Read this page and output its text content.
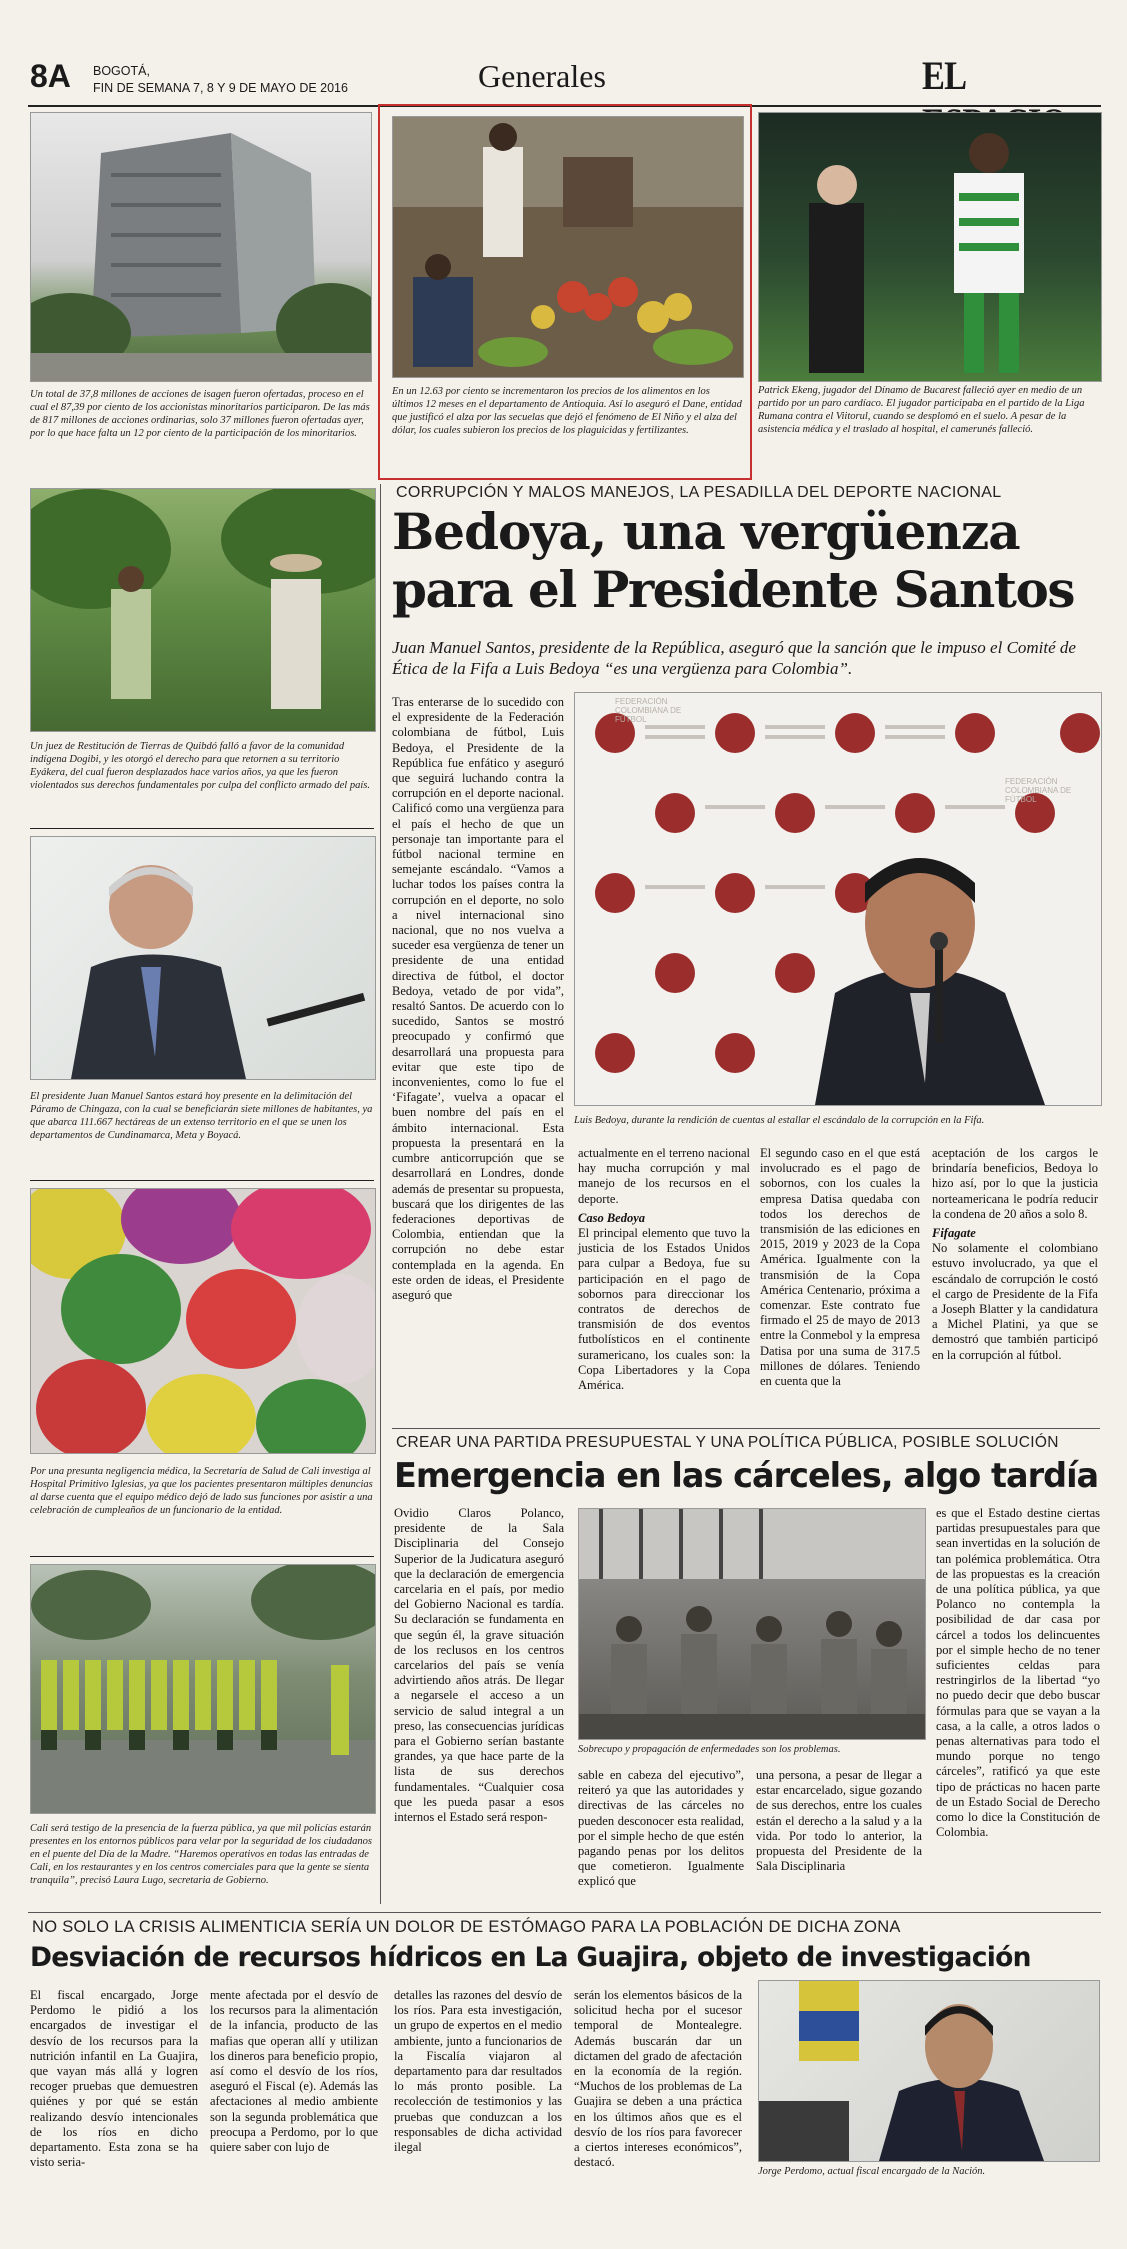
8A BOGOTÁ,
FIN DE SEMANA 7, 8 Y 9 DE MAYO DE 2016	Generales	EL
Un total de 37,8 millones de acciones de isagen fueron ofertadas, proceso en el cual el 87,39 por ciento de los accionistas minoritarios participaron. De las más de 817 millones de acciones ordinarias, solo 37 millones fueron ofertadas ayer, por lo que hace falta un 12 por ciento de la participación de los minoritarios.
En un 12.63 por ciento se incrementaron los precios de los alimentos en los últimos 12 meses en el departamento de Antioquia. Así lo aseguró el Dane, entidad que justificó el alza por las secuelas que dejó el fenómeno de El Niño y el alza del dólar, los cuales subieron los precios de los plaguicidas y fertilizantes.
Patrick Ekeng, jugador del Dínamo de Bucarest falleció ayer en medio de un partido por un paro cardíaco. El jugador participaba en el partido de la Liga Rumana contra el Viitorul, cuando se desplomó en el suelo. A pesar de la asistencia médica y el traslado al hospital, el camerunés falleció.
Un juez de Restitución de Tierras de Quibdó falló a favor de la comunidad indígena Dogibi, y les otorgó el derecho para que retornen a su territorio Eyákera, del cual fueron desplazados hace varios años, ya que les fueron violentados sus derechos fundamentales por culpa del conflicto armado del país.
El presidente Juan Manuel Santos estará hoy presente en la delimitación del Páramo de Chingaza, con la cual se beneficiarán siete millones de habitantes, ya que abarca 111.667 hectáreas de un extenso territorio en el que se unen los departamentos de Cundinamarca, Meta y Boyacá.
Por una presunta negligencia médica, la Secretaría de Salud de Cali investiga al Hospital Primitivo Iglesias, ya que los pacientes presentaron múltiples denuncias al darse cuenta que el equipo médico dejó de lado sus funciones por asistir a una celebración de cumpleaños de un funcionario de la entidad.
Cali será testigo de la presencia de la fuerza pública, ya que mil policías estarán presentes en los entornos públicos para velar por la seguridad de los ciudadanos en el puente del Día de la Madre. “Haremos operativos en todas las entradas de Cali, en los restaurantes y en los centros comerciales para que la gente se sienta tranquila”, precisó Laura Lugo, secretaria de Gobierno.
CORRUPCIÓN Y MALOS MANEJOS, LA PESADILLA DEL DEPORTE NACIONAL
Bedoya, una vergüenza
para el Presidente Santos
Juan Manuel Santos, presidente de la República, aseguró que la sanción que le impuso el Comité de Ética de la Fifa a Luis Bedoya “es una vergüenza para Colombia”.

Tras enterarse de lo sucedido con el expresidente de la Federación colombiana de fútbol, Luis Bedoya, el Presidente de la República fue enfático y aseguró que seguirá luchando contra la corrupción en el deporte nacional. Calificó como una vergüenza para el país el hecho de que un personaje tan importante para el fútbol nacional termine en semejante escándalo. “Vamos a luchar todos los países contra la corrupción en el deporte, no solo a nivel internacional sino nacional, que no nos vuelva a suceder esa vergüenza de tener un presidente de una entidad directiva de fútbol, el doctor Bedoya, vetado de por vida”, resaltó Santos. De acuerdo con lo sucedido, Santos se mostró preocupado y confirmó que desarrollará una propuesta para evitar que este tipo de inconvenientes, como lo fue el ‘Fifagate’, vuelva a opacar el buen nombre del país en el ámbito internacional. Esta propuesta la presentará en la cumbre anticorrupción que se desarrollará en Londres, donde además de presentar su propuesta, buscará que los dirigentes de las federaciones deportivas de Colombia, entiendan que la corrupción no debe estar contemplada en la agenda. En este orden de ideas, el Presidente aseguró que

FEDERACIÓN COLOMBIANA DE FÚTBOL
FEDERACIÓN COLOMBIANA DE FÚTBOL
Luis Bedoya, durante la rendición de cuentas al estallar el escándalo de la corrupción en la Fifa.

actualmente en el terreno nacional hay mucha corrupción y mal manejo de los recursos en el deporte.

Caso Bedoya

El principal elemento que tuvo la justicia de los Estados Unidos para culpar a Bedoya, fue su participación en el pago de sobornos para direccionar los contratos de derechos de transmisión de dos eventos futbolísticos en el continente suramericano, los cuales son: la Copa Libertadores y la Copa América.

El segundo caso en el que está involucrado es el pago de sobornos, con los cuales la empresa Datisa quedaba con todos los derechos de transmisión de las ediciones en 2015, 2019 y 2023 de la Copa América. Igualmente con la transmisión de la Copa América Centenario, próxima a comenzar. Este contrato fue firmado el 25 de mayo de 2013 entre la Conmebol y la empresa Datisa por una suma de 317.5 millones de dólares. Teniendo en cuenta que la

aceptación de los cargos le brindaría beneficios, Bedoya lo hizo así, por lo que la justicia norteamericana le podría reducir la condena de 20 años a solo 8.

Fifagate

No solamente el colombiano estuvo involucrado, ya que el escándalo de corrupción le costó el cargo de Presidente de la Fifa a Joseph Blatter y la candidatura a Michel Platini, ya que se demostró que también participó en la corrupción al fútbol.

CREAR UNA PARTIDA PRESUPUESTAL Y UNA POLÍTICA PÚBLICA, POSIBLE SOLUCIÓN
Emergencia en las cárceles, algo tardía

Ovidio Claros Polanco, presidente de la Sala Disciplinaria del Consejo Superior de la Judicatura aseguró que la declaración de emergencia carcelaria en el país, por medio del Gobierno Nacional es tardía. Su declaración se fundamenta en que según él, la grave situación de los reclusos en los centros carcelarios del país se venía advirtiendo años atrás. De llegar a negarsele el acceso a un servicio de salud integral a un preso, las consecuencias jurídicas para el Gobierno serían bastante grandes, ya que hace parte de la lista de sus derechos fundamentales. “Cualquier cosa que les pueda pasar a esos internos el Estado será respon-

Sobrecupo y propagación de enfermedades son los problemas.

sable en cabeza del ejecutivo”, reiteró ya que las autoridades y directivas de las cárceles no pueden desconocer esta realidad, por el simple hecho de que estén pagando penas por los delitos que cometieron. Igualmente explicó que

una persona, a pesar de llegar a estar encarcelado, sigue gozando de sus derechos, entre los cuales están el derecho a la salud y a la vida. Por todo lo anterior, la propuesta del Presidente de la Sala Disciplinaria

es que el Estado destine ciertas partidas presupuestales para que sean invertidas en la solución de tan polémica problemática. Otra de las propuestas es la creación de una política pública, ya que Polanco no contempla la posibilidad de dar casa por cárcel a todos los delincuentes por el simple hecho de no tener suficientes celdas para restringirlos de la libertad “yo no puedo decir que debo buscar fórmulas para que se vayan a la casa, a la calle, a otros lados o penas alternativas para todo el mundo porque no tengo cárceles”, ratificó ya que este tipo de prácticas no hacen parte de un Estado Social de Derecho como lo dice la Constitución de Colombia.

NO SOLO LA CRISIS ALIMENTICIA SERÍA UN DOLOR DE ESTÓMAGO PARA LA POBLACIÓN DE DICHA ZONA
Desviación de recursos hídricos en La Guajira, objeto de investigación

El fiscal encargado, Jorge Perdomo le pidió a los encargados de investigar el desvío de los recursos para la nutrición infantil en La Guajira, que vayan más allá y logren recoger pruebas que demuestren quiénes y por qué se están realizando desvío intencionales de los ríos en dicho departamento. Esta zona se ha visto seria-

mente afectada por el desvío de los recursos para la alimentación de la infancia, producto de las mafias que operan allí y utilizan los dineros para beneficio propio, así como el desvío de los ríos, aseguró el Fiscal (e). Además las afectaciones al medio ambiente son la segunda problemática que preocupa a Perdomo, por lo que quiere saber con lujo de

detalles las razones del desvío de los ríos. Para esta investigación, un grupo de expertos en el medio ambiente, junto a funcionarios de la Fiscalía viajaron al departamento para dar resultados lo más pronto posible. La recolección de testimonios y las pruebas que conduzcan a los responsables de dicha actividad ilegal

serán los elementos básicos de la solicitud hecha por el sucesor temporal de Montealegre. Además buscarán dar un dictamen del grado de afectación en la economía de la región. “Muchos de los problemas de La Guajira se deben a una práctica en los últimos años que es el desvío de los ríos para favorecer a ciertos intereses económicos”, destacó.

Jorge Perdomo, actual fiscal encargado de la Nación.
